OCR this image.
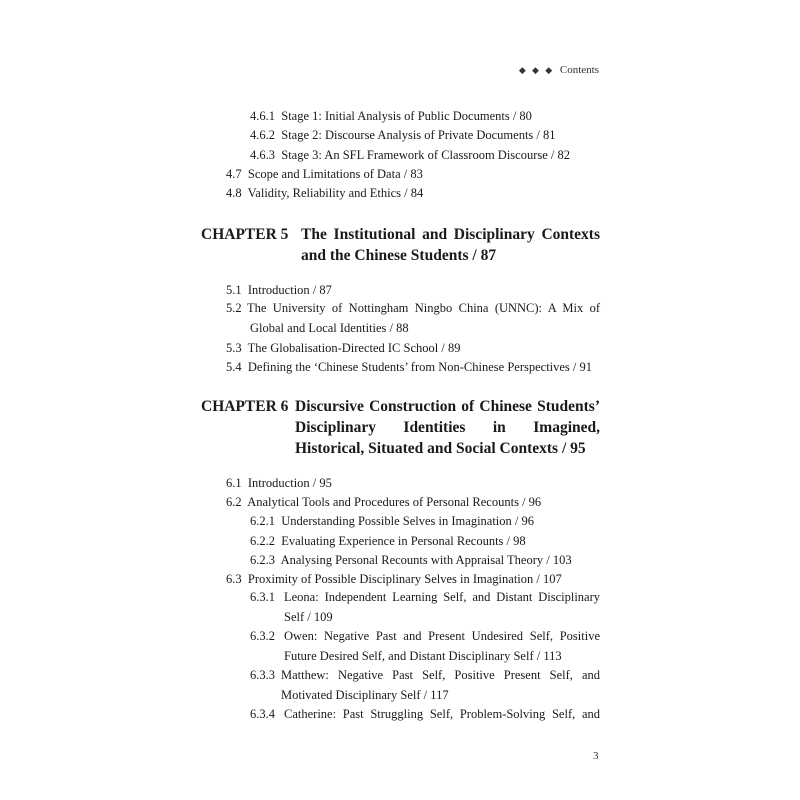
◆ ◆ ◆ Contents
4.6.1 Stage 1: Initial Analysis of Public Documents / 80
4.6.2 Stage 2: Discourse Analysis of Private Documents / 81
4.6.3 Stage 3: An SFL Framework of Classroom Discourse / 82
4.7 Scope and Limitations of Data / 83
4.8 Validity, Reliability and Ethics / 84
CHAPTER 5 The Institutional and Disciplinary Contexts and the Chinese Students / 87
5.1 Introduction / 87
5.2 The University of Nottingham Ningbo China (UNNC): A Mix of Global and Local Identities / 88
5.3 The Globalisation-Directed IC School / 89
5.4 Defining the ‘Chinese Students’ from Non-Chinese Perspectives / 91
CHAPTER 6 Discursive Construction of Chinese Students’ Disciplinary Identities in Imagined, Historical, Situated and Social Contexts / 95
6.1 Introduction / 95
6.2 Analytical Tools and Procedures of Personal Recounts / 96
6.2.1 Understanding Possible Selves in Imagination / 96
6.2.2 Evaluating Experience in Personal Recounts / 98
6.2.3 Analysing Personal Recounts with Appraisal Theory / 103
6.3 Proximity of Possible Disciplinary Selves in Imagination / 107
6.3.1 Leona: Independent Learning Self, and Distant Disciplinary Self / 109
6.3.2 Owen: Negative Past and Present Undesired Self, Positive Future Desired Self, and Distant Disciplinary Self / 113
6.3.3 Matthew: Negative Past Self, Positive Present Self, and Motivated Disciplinary Self / 117
6.3.4 Catherine: Past Struggling Self, Problem-Solving Self, and
3
